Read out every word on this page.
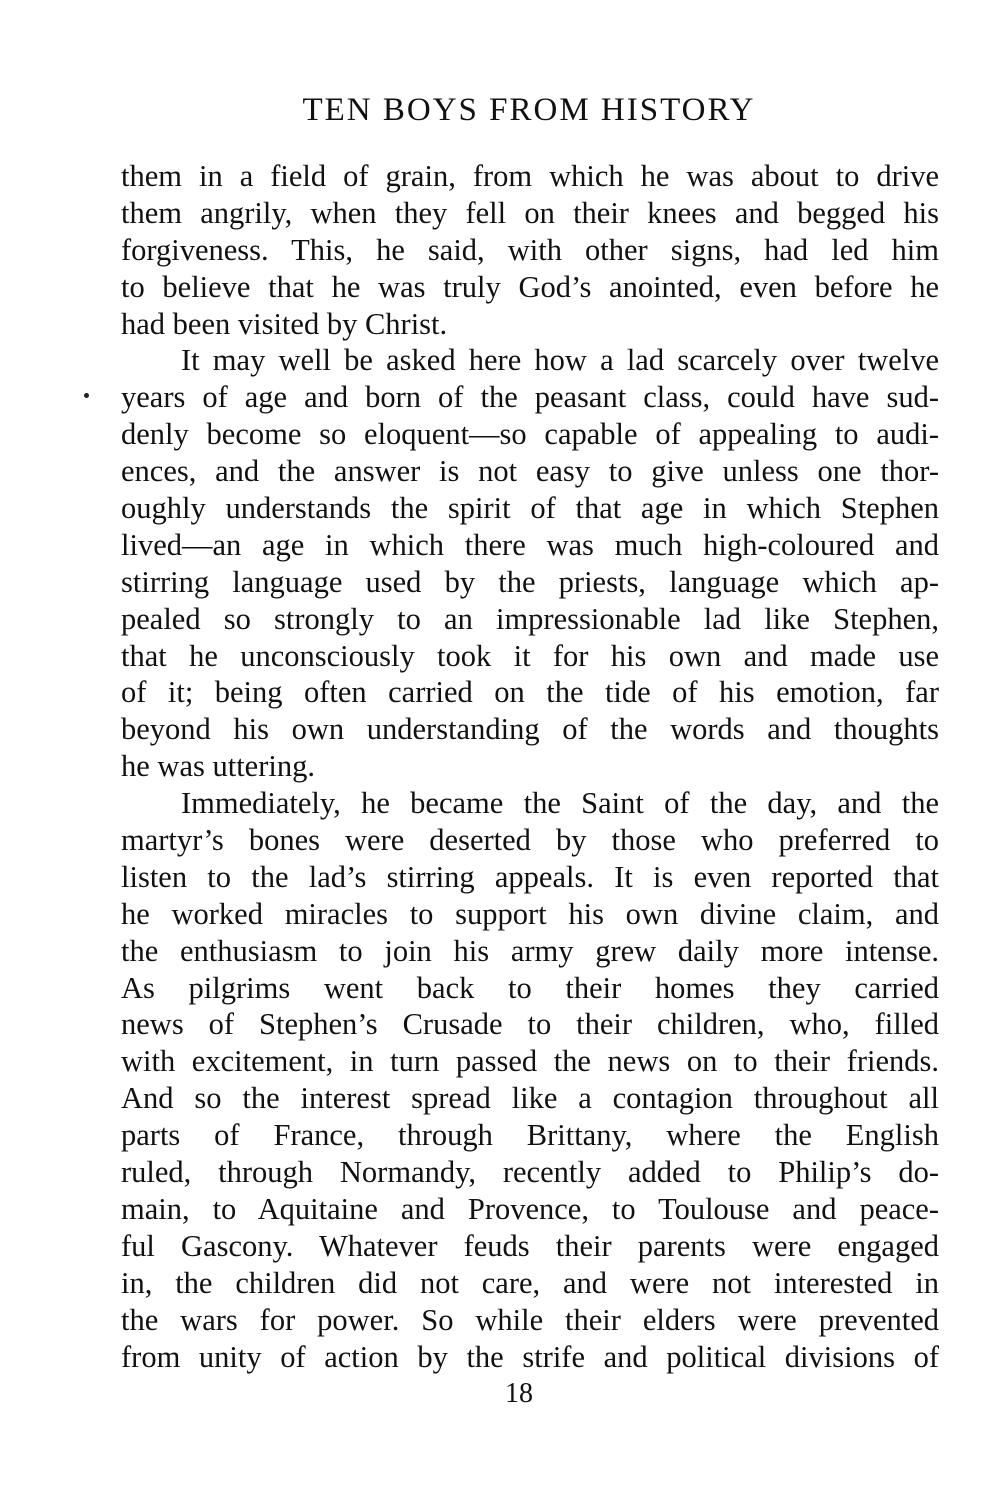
TEN BOYS FROM HISTORY
them in a field of grain, from which he was about to drive
them angrily, when they fell on their knees and begged his
forgiveness. This, he said, with other signs, had led him
to believe that he was truly God’s anointed, even before he
had been visited by Christ.
It may well be asked here how a lad scarcely over twelve
years of age and born of the peasant class, could have sud-
denly become so eloquent—so capable of appealing to audi-
ences, and the answer is not easy to give unless one thor-
oughly understands the spirit of that age in which Stephen
lived—an age in which there was much high-coloured and
stirring language used by the priests, language which ap-
pealed so strongly to an impressionable lad like Stephen,
that he unconsciously took it for his own and made use
of it; being often carried on the tide of his emotion, far
beyond his own understanding of the words and thoughts
he was uttering.
Immediately, he became the Saint of the day, and the
martyr’s bones were deserted by those who preferred to
listen to the lad’s stirring appeals. It is even reported that
he worked miracles to support his own divine claim, and
the enthusiasm to join his army grew daily more intense.
As pilgrims went back to their homes they carried
news of Stephen’s Crusade to their children, who, filled
with excitement, in turn passed the news on to their friends.
And so the interest spread like a contagion throughout all
parts of France, through Brittany, where the English
ruled, through Normandy, recently added to Philip’s do-
main, to Aquitaine and Provence, to Toulouse and peace-
ful Gascony. Whatever feuds their parents were engaged
in, the children did not care, and were not interested in
the wars for power. So while their elders were prevented
from unity of action by the strife and political divisions of
18
